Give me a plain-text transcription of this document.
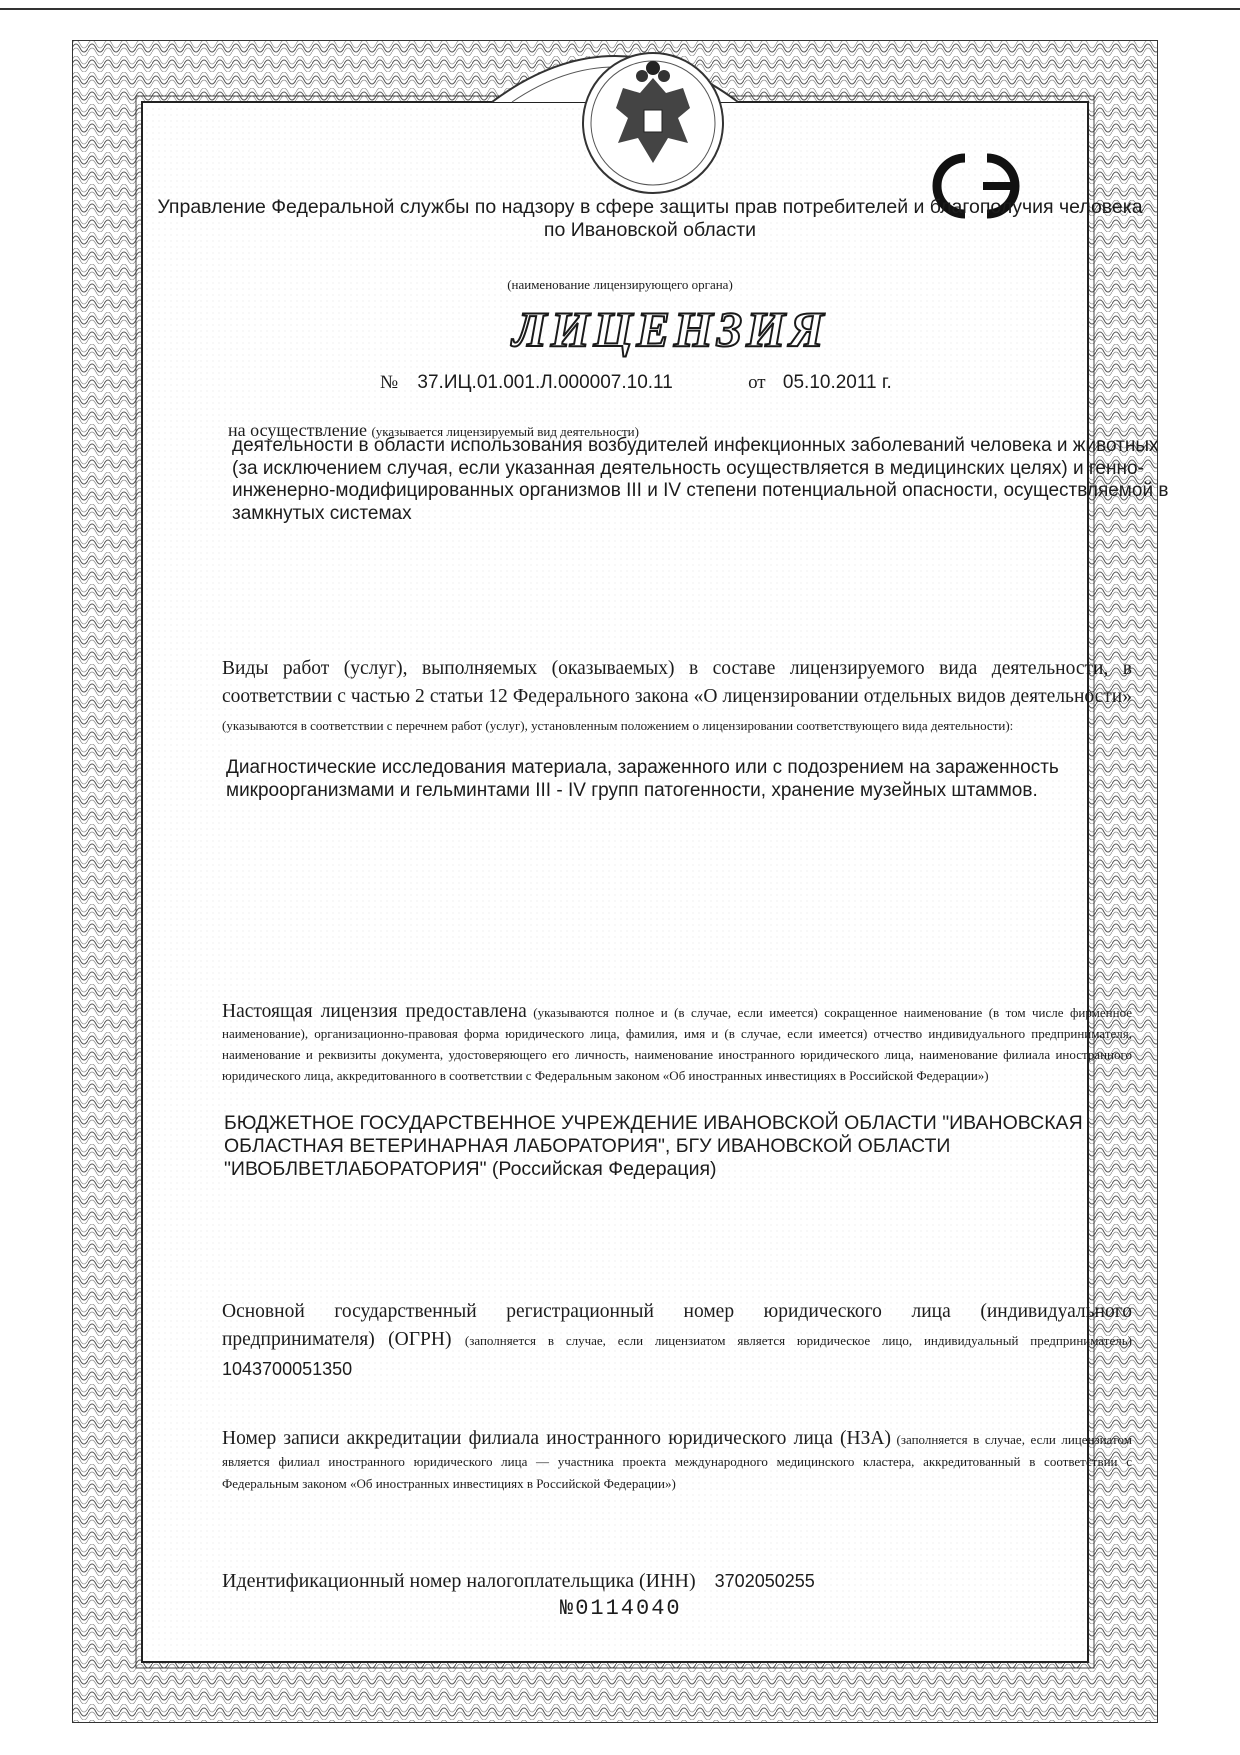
Управление Федеральной службы по надзору в сфере защиты прав потребителей и благополучия человека по Ивановской области
(наименование лицензирующего органа)
ЛИЦЕНЗИЯ
№ 37.ИЦ.01.001.Л.000007.10.11	от 05.10.2011 г.
на осуществление (указывается лицензируемый вид деятельности)
деятельности в области использования возбудителей инфекционных заболеваний человека и животных (за исключением случая, если указанная деятельность осуществляется в медицинских целях) и генно-инженерно-модифицированных организмов III и IV степени потенциальной опасности, осуществляемой в замкнутых системах
Виды работ (услуг), выполняемых (оказываемых) в составе лицензируемого вида деятельности, в соответствии с частью 2 статьи 12 Федерального закона «О лицензировании отдельных видов деятельности» (указываются в соответствии с перечнем работ (услуг), установленным положением о лицензировании соответствующего вида деятельности):
Диагностические исследования материала, зараженного или с подозрением на зараженность микроорганизмами и гельминтами III - IV групп патогенности, хранение музейных штаммов.
Настоящая лицензия предоставлена (указываются полное и (в случае, если имеется) сокращенное наименование (в том числе фирменное наименование), организационно-правовая форма юридического лица, фамилия, имя и (в случае, если имеется) отчество индивидуального предпринимателя, наименование и реквизиты документа, удостоверяющего его личность, наименование иностранного юридического лица, наименование филиала иностранного юридического лица, аккредитованного в соответствии с Федеральным законом «Об иностранных инвестициях в Российской Федерации»)
БЮДЖЕТНОЕ ГОСУДАРСТВЕННОЕ УЧРЕЖДЕНИЕ ИВАНОВСКОЙ ОБЛАСТИ "ИВАНОВСКАЯ ОБЛАСТНАЯ ВЕТЕРИНАРНАЯ ЛАБОРАТОРИЯ", БГУ ИВАНОВСКОЙ ОБЛАСТИ "ИВОБЛВЕТЛАБОРАТОРИЯ" (Российская Федерация)
Основной государственный регистрационный номер юридического лица (индивидуального предпринимателя) (ОГРН) (заполняется в случае, если лицензиатом является юридическое лицо, индивидуальный предприниматель) 1043700051350
Номер записи аккредитации филиала иностранного юридического лица (НЗА) (заполняется в случае, если лицензиатом является филиал иностранного юридического лица — участника проекта международного медицинского кластера, аккредитованный в соответствии с Федеральным законом «Об иностранных инвестициях в Российской Федерации»)
Идентификационный номер налогоплательщика (ИНН) 3702050255
№0114040
